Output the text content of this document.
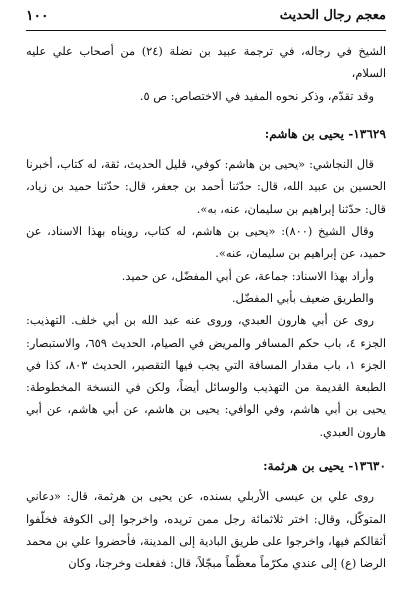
معجم رجال الحديث
١٠٠

الشيخ في رجاله، في ترجمة عبيد بن نضلة (٢٤) من أصحاب علي عليه السلام،

وقد تقدّم، وذكر نحوه المفيد في الاختصاص: ص ٥.

١٣٦٢٩- يحيى بن هاشم:

قال النجاشي: «يحيى بن هاشم: كوفي، قليل الحديث، ثقة، له كتاب، أخبرنا الحسين بن عبيد الله، قال: حدّثنا أحمد بن جعفر، قال: حدّثنا حميد بن زياد، قال: حدّثنا إبراهيم بن سليمان، عنه، به».

وقال الشيخ (٨٠٠): «يحيى بن هاشم، له كتاب، رويناه بهذا الاسناد، عن حميد، عن إبراهيم بن سليمان، عنه».

وأراد بهذا الاسناد: جماعة، عن أبي المفضّل، عن حميد.

والطريق ضعيف بأبي المفضّل.

روى عن أبي هارون العبدي، وروى عنه عبد الله بن أبي خلف. التهذيب: الجزء ٤، باب حكم المسافر والمريض في الصيام، الحديث ٦٥٩، والاستبصار: الجزء ١، باب مقدار المسافة التي يجب فيها التقصير، الحديث ٨٠٣، كذا في الطبعة القديمة من التهذيب والوسائل أيضاً، ولكن في النسخة المخطوطة: يحيى بن أبي هاشم، وفي الوافي: يحيى بن هاشم، عن أبي هاشم، عن أبي هارون العبدي.

١٣٦٣٠- يحيى بن هرثمة:

روى علي بن عيسى الأربلي بسنده، عن يحيى بن هرثمة، قال: «دعاني المتوكّل، وقال: اختر ثلاثمائة رجل ممن تريده، واخرجوا إلى الكوفة فخلّفوا أثقالكم فيها، واخرجوا على طريق البادية إلى المدينة، فأحضروا علي بن محمد الرضا (ع) إلى عندي مكرّماً معظّماً مبجّلاً، قال: ففعلت وخرجنا، وكان
